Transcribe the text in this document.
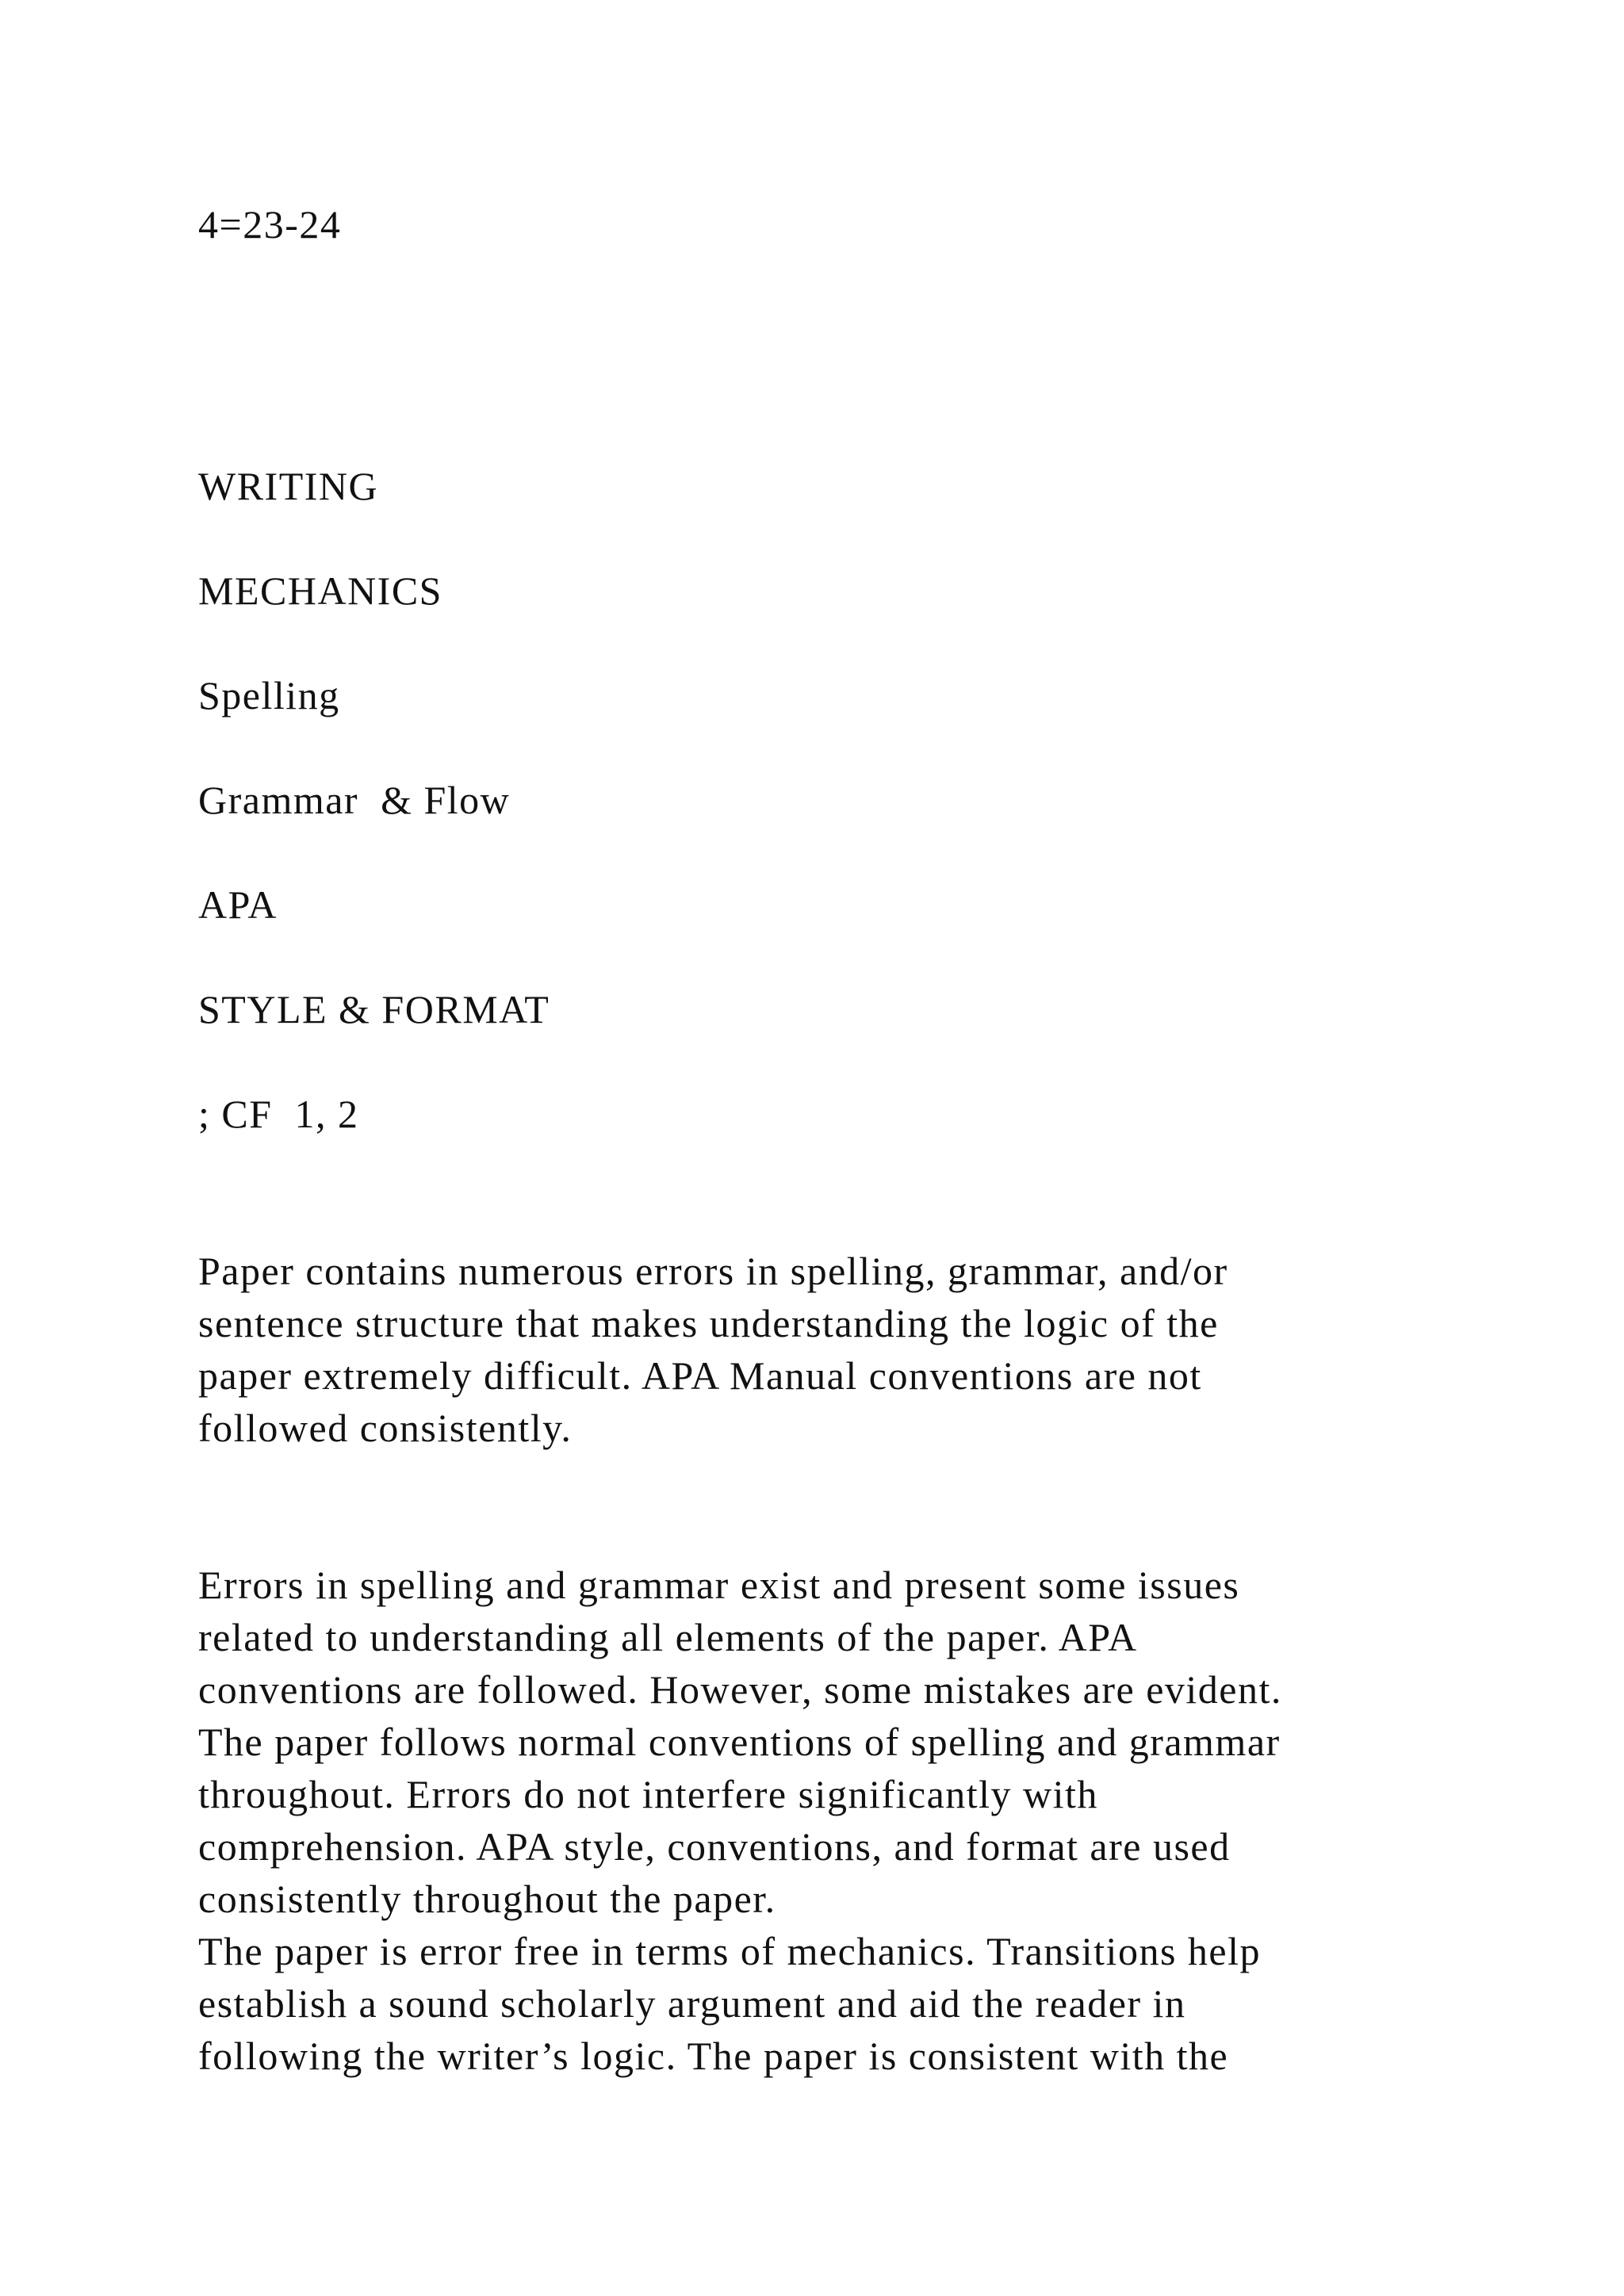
4=23-24
WRITING
MECHANICS
Spelling
Grammar  & Flow
APA
STYLE & FORMAT
; CF  1, 2
Paper contains numerous errors in spelling, grammar, and/or
sentence structure that makes understanding the logic of the
paper extremely difficult. APA Manual conventions are not
followed consistently.
Errors in spelling and grammar exist and present some issues
related to understanding all elements of the paper. APA
conventions are followed. However, some mistakes are evident.
The paper follows normal conventions of spelling and grammar
throughout. Errors do not interfere significantly with
comprehension. APA style, conventions, and format are used
consistently throughout the paper.
The paper is error free in terms of mechanics. Transitions help
establish a sound scholarly argument and aid the reader in
following the writer’s logic. The paper is consistent with the
